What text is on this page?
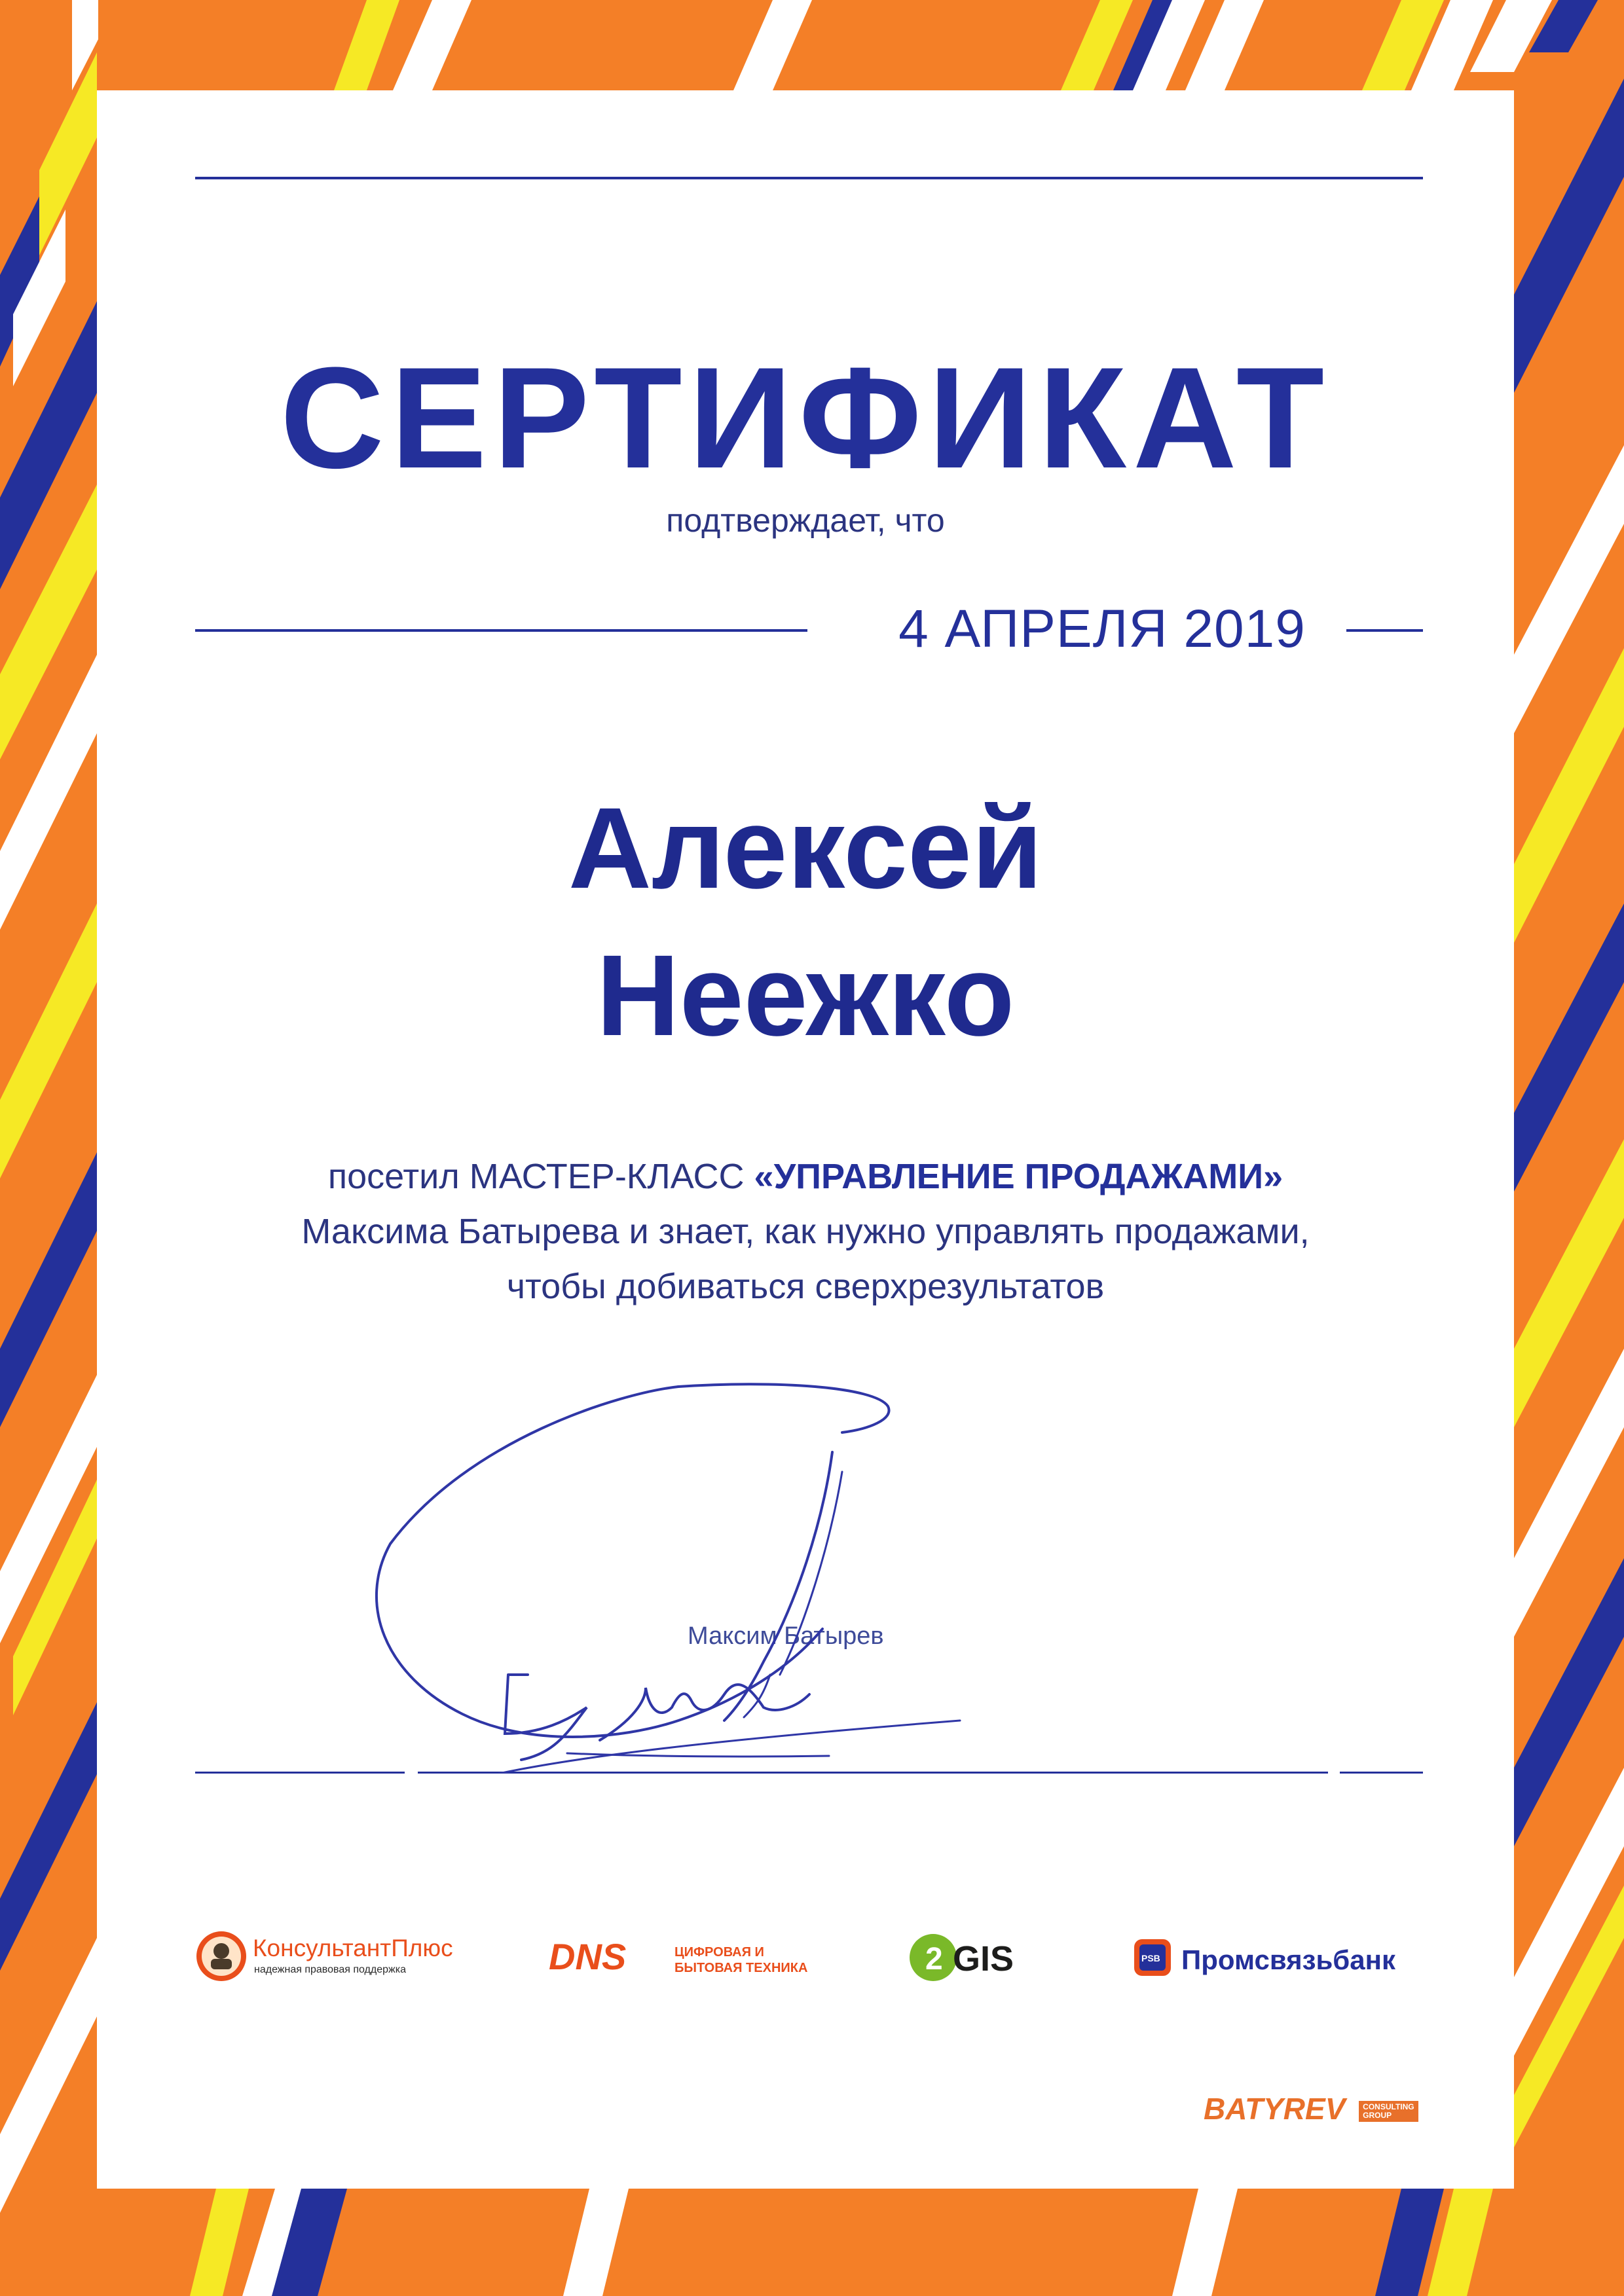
СЕРТИФИКАТ
подтверждает, что
4 АПРЕЛЯ 2019
Алексей
Неежко
посетил МАСТЕР-КЛАСС «УПРАВЛЕНИЕ ПРОДАЖАМИ»
Максима Батырева и знает, как нужно управлять продажами,
чтобы добиваться сверхрезультатов
Максим Батырев
КонсультантПлюс
надежная правовая поддержка	DNS	ЦИФРОВАЯ И
БЫТОВАЯ ТЕХНИКА	2 GIS	PSB Промсвязьбанк
BATYREV CONSULTING
GROUP
